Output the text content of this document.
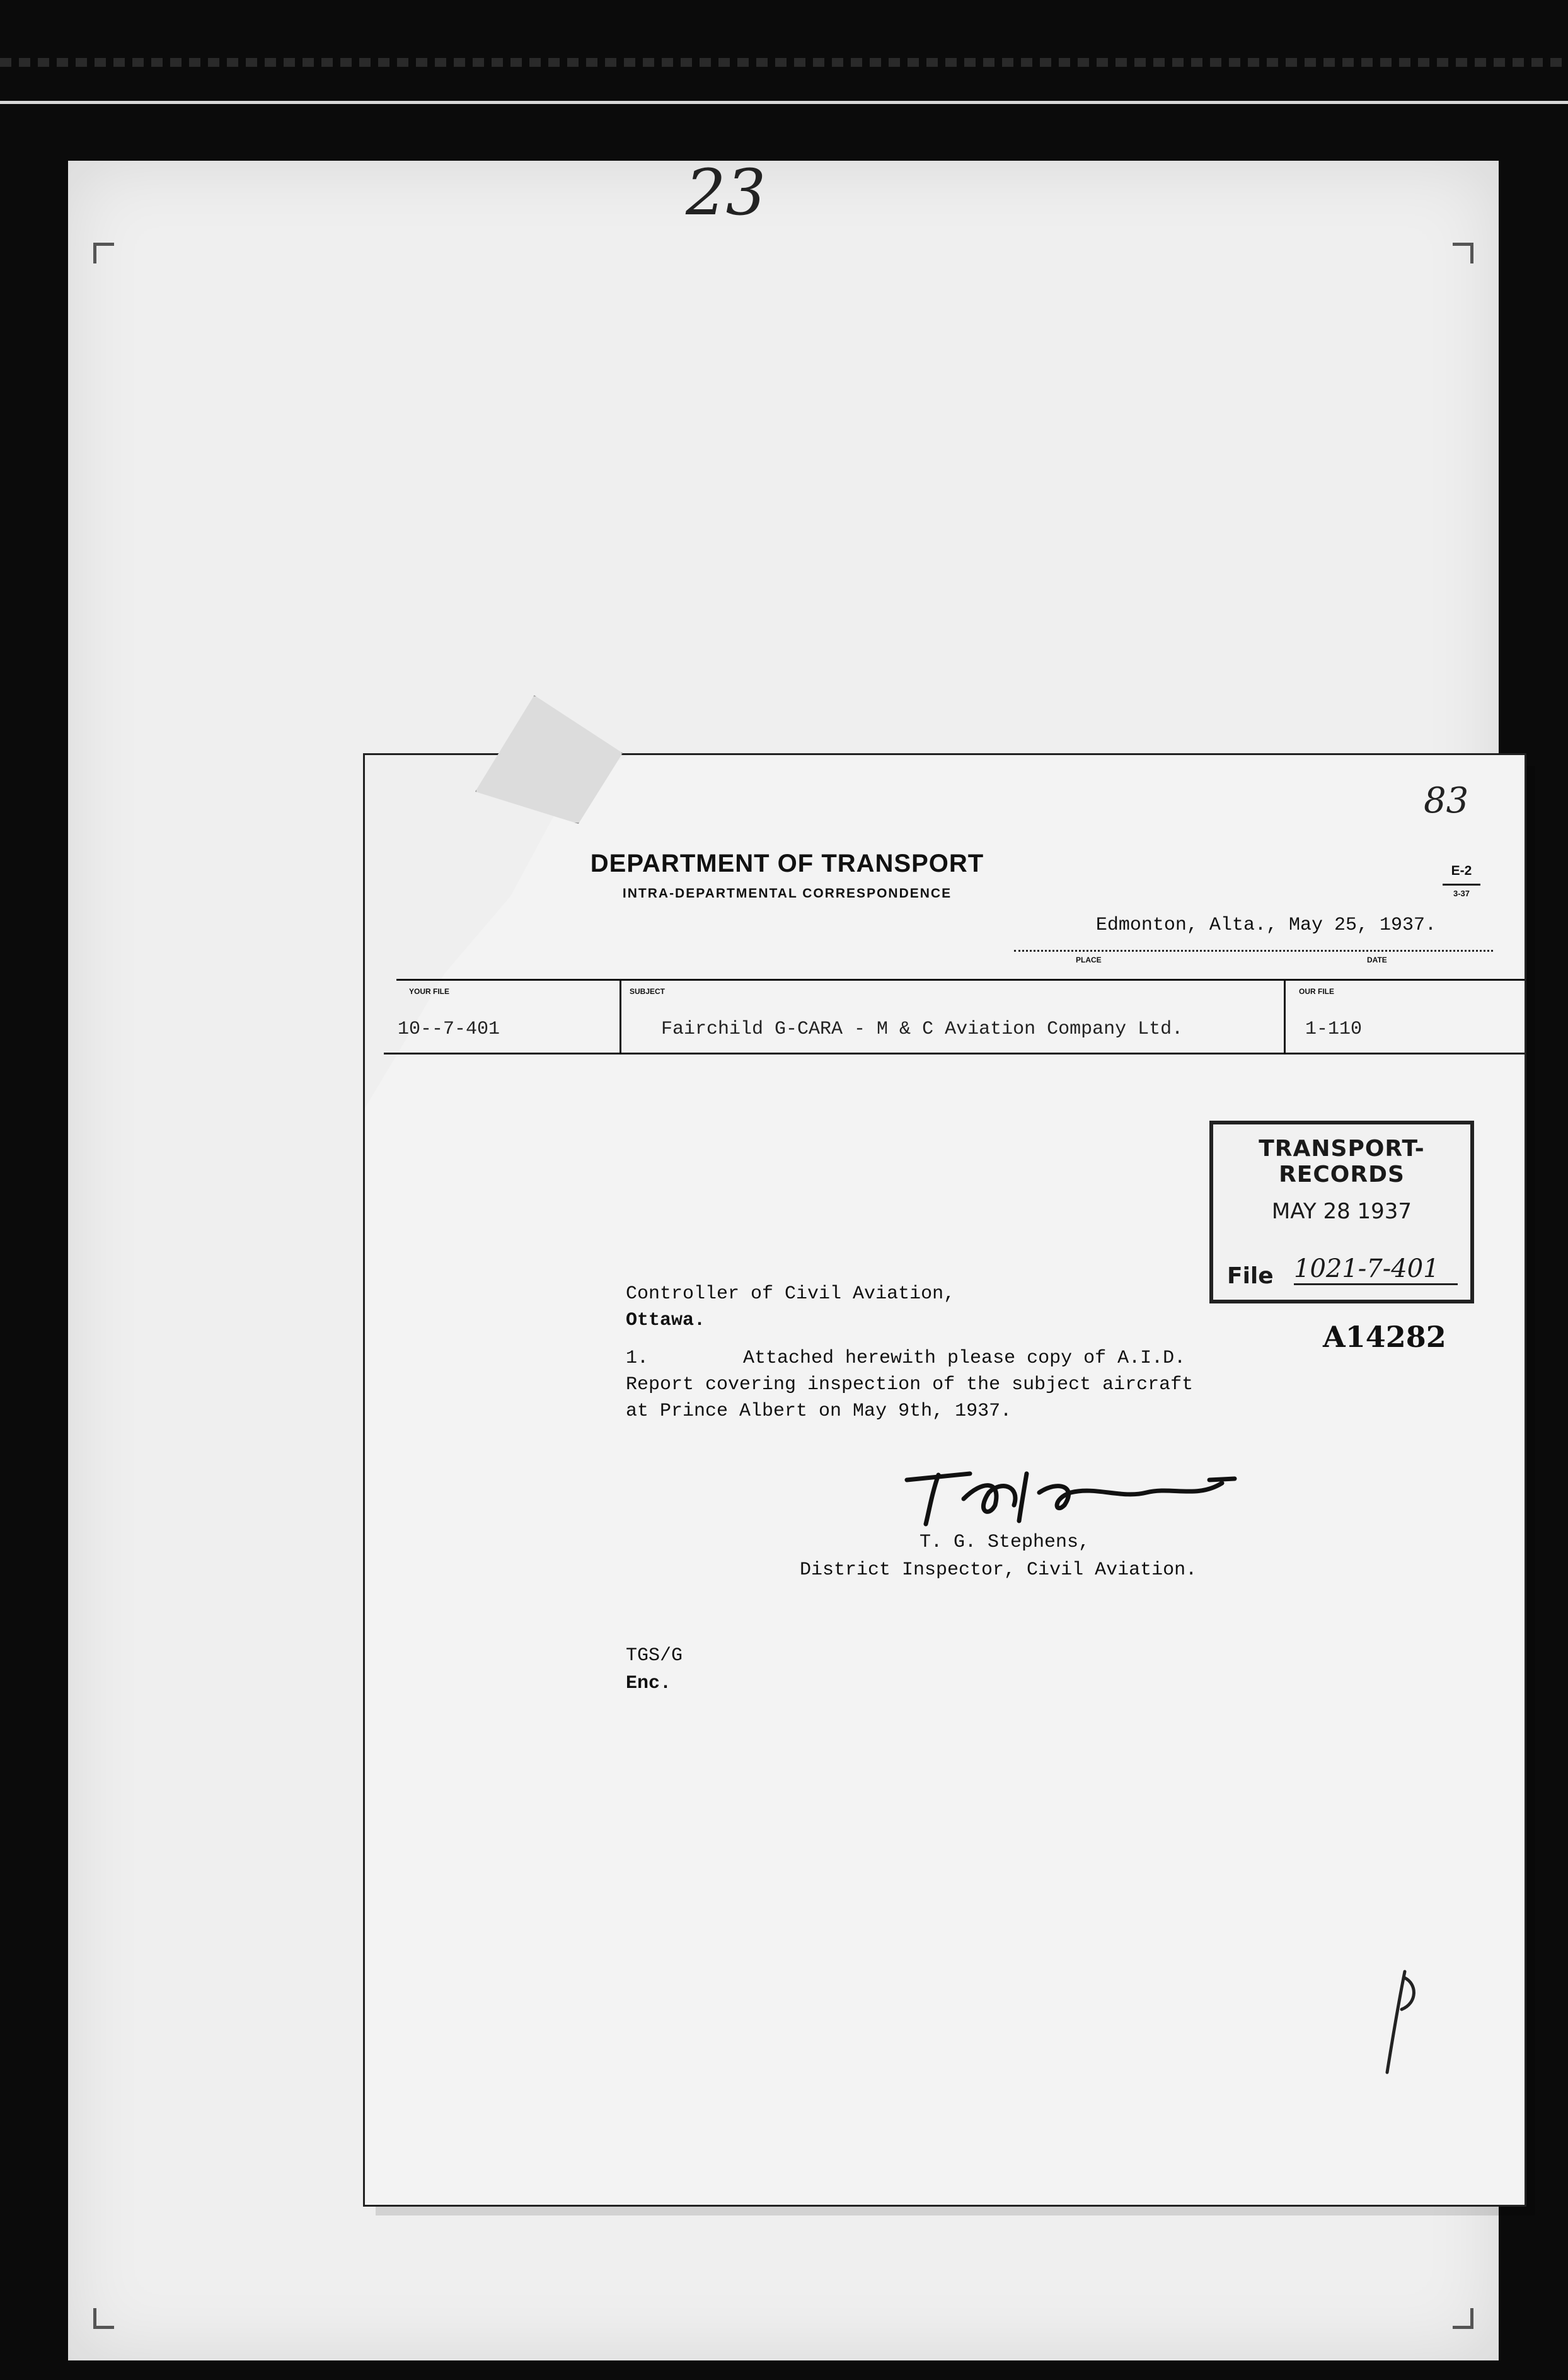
23
83
DEPARTMENT OF TRANSPORT
INTRA-DEPARTMENTAL CORRESPONDENCE
E-2
3-37
Edmonton, Alta., May 25, 1937.
PLACE	DATE
YOUR FILE	SUBJECT	OUR FILE
10--7-401	Fairchild G-CARA - M & C Aviation Company Ltd.	1-110
TRANSPORT-RECORDS
MAY 28 1937
File 1021-7-401
A14282
Controller of Civil Aviation,
Ottawa.
1.	Attached herewith please copy of A.I.D.
Report covering inspection of the subject aircraft
at Prince Albert on May 9th, 1937.
T. G. Stephens,
District Inspector, Civil Aviation.
TGS/G
Enc.
